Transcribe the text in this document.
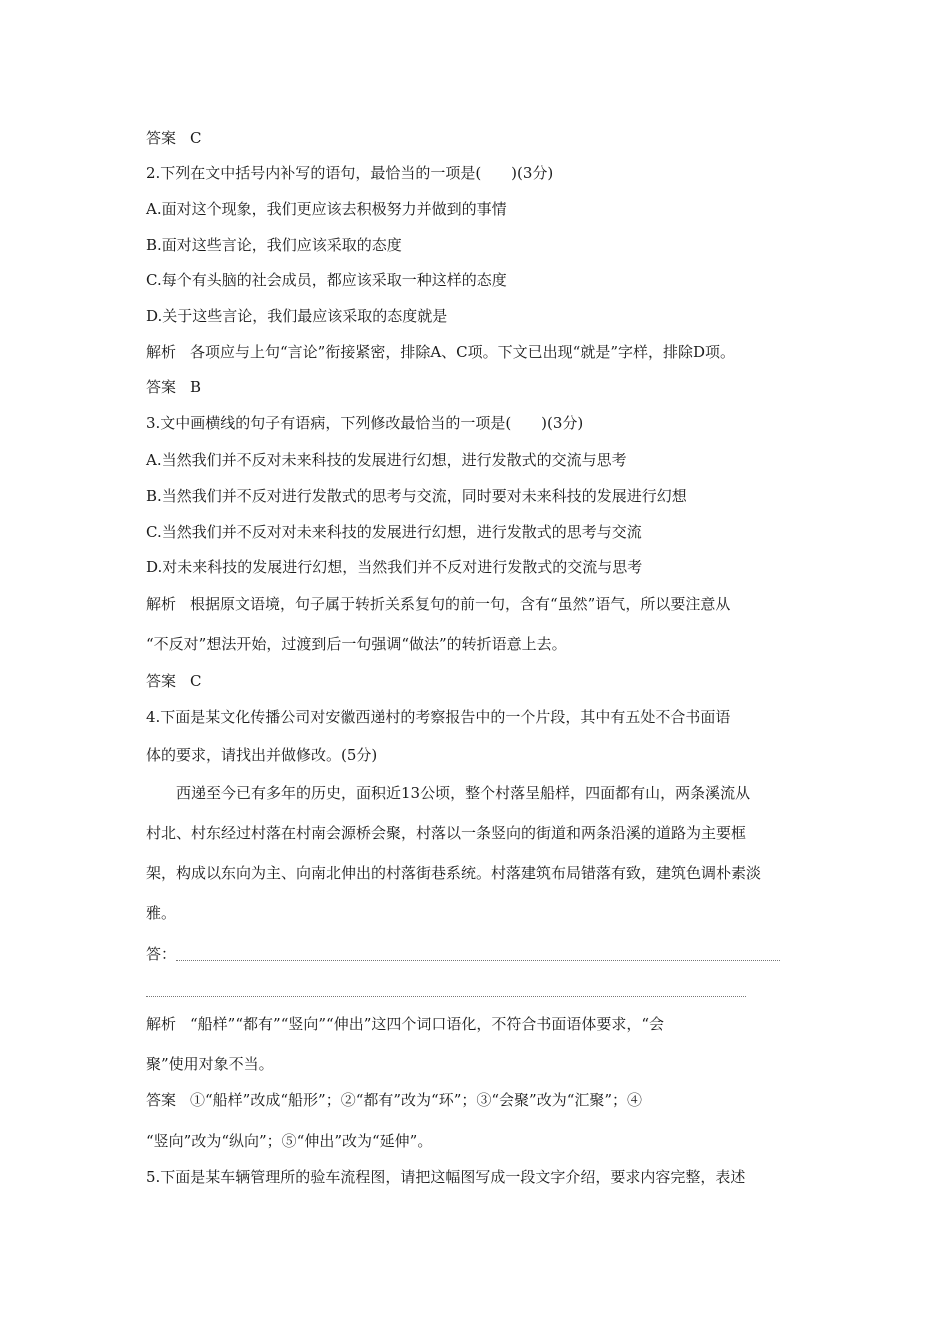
答案 C
2.下列在文中括号内补写的语句，最恰当的一项是(　　)(3分)
A.面对这个现象，我们更应该去积极努力并做到的事情
B.面对这些言论，我们应该采取的态度
C.每个有头脑的社会成员，都应该采取一种这样的态度
D.关于这些言论，我们最应该采取的态度就是
解析 各项应与上句“言论”衔接紧密，排除A、C项。下文已出现“就是”字样，排除D项。
答案 B
3.文中画横线的句子有语病，下列修改最恰当的一项是(　　)(3分)
A.当然我们并不反对未来科技的发展进行幻想，进行发散式的交流与思考
B.当然我们并不反对进行发散式的思考与交流，同时要对未来科技的发展进行幻想
C.当然我们并不反对对未来科技的发展进行幻想，进行发散式的思考与交流
D.对未来科技的发展进行幻想，当然我们并不反对进行发散式的交流与思考
解析 根据原文语境，句子属于转折关系复句的前一句，含有“虽然”语气，所以要注意从
“不反对”想法开始，过渡到后一句强调“做法”的转折语意上去。
答案 C
4.下面是某文化传播公司对安徽西递村的考察报告中的一个片段，其中有五处不合书面语
体的要求，请找出并做修改。(5分)
西递至今已有多年的历史，面积近13公顷，整个村落呈船样，四面都有山，两条溪流从
村北、村东经过村落在村南会源桥会聚，村落以一条竖向的街道和两条沿溪的道路为主要框
架，构成以东向为主、向南北伸出的村落街巷系统。村落建筑布局错落有致，建筑色调朴素淡
雅。
答：
解析 “船样”“都有”“竖向”“伸出”这四个词口语化，不符合书面语体要求，“会
聚”使用对象不当。
答案 ①“船样”改成“船形”；②“都有”改为“环”；③“会聚”改为“汇聚”；④
“竖向”改为“纵向”；⑤“伸出”改为“延伸”。
5.下面是某车辆管理所的验车流程图，请把这幅图写成一段文字介绍，要求内容完整，表述
